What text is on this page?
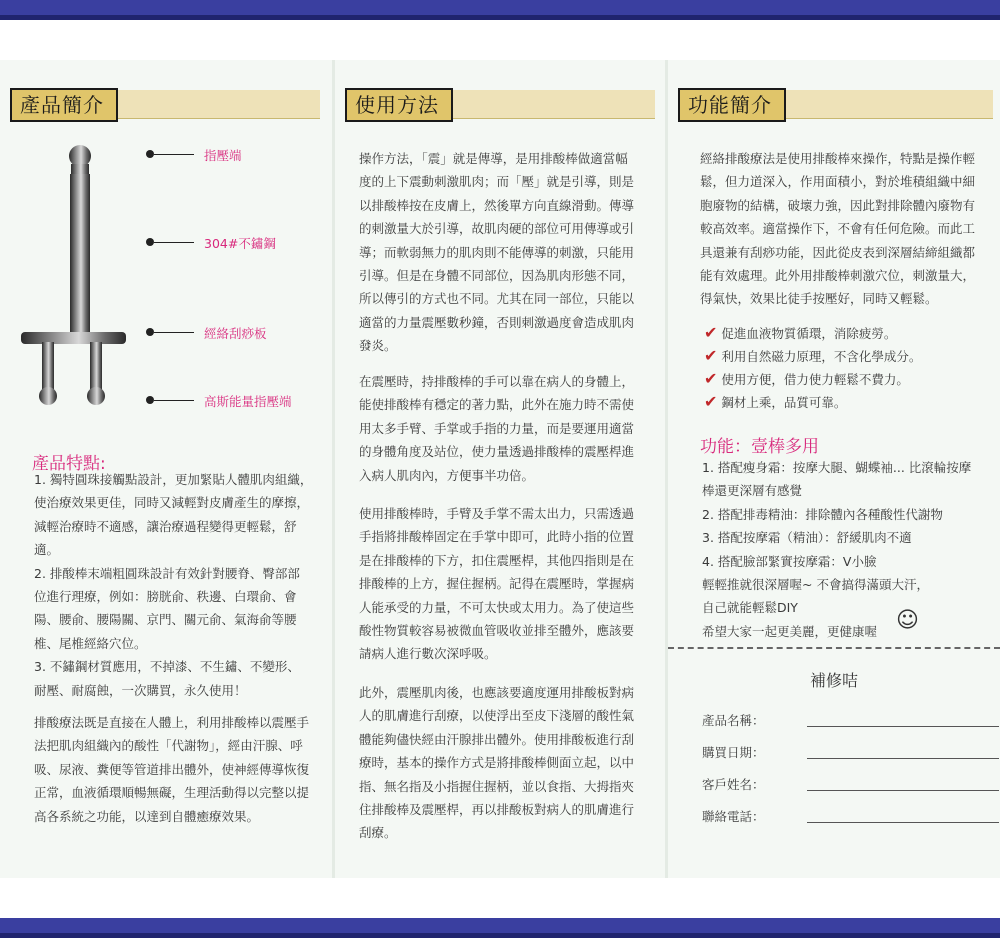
產品簡介
指壓端
304#不鏽鋼
經絡刮痧板
高斯能量指壓端
產品特點:
1. 獨特圓珠接觸點設計，更加緊貼人體肌肉組織，
使治療效果更佳，同時又減輕對皮膚產生的摩擦，
減輕治療時不適感，讓治療過程變得更輕鬆，舒
適。
2. 排酸棒末端粗圓珠設計有效針對腰脊、臀部部
位進行理療，例如：膀胱俞、秩邊、白環俞、會
陽、腰俞、腰陽關、京門、關元俞、氣海俞等腰
椎、尾椎經絡穴位。
3. 不鏽鋼材質應用，不掉漆、不生鏽、不變形、
耐壓、耐腐蝕，一次購買，永久使用！
排酸療法既是直接在人體上，利用排酸棒以震壓手
法把肌肉組織內的酸性「代謝物」，經由汗腺、呼
吸、尿液、糞便等管道排出體外，使神經傳導恢復
正常，血液循環順暢無礙，生理活動得以完整以提
高各系統之功能，以達到自體癒療效果。
使用方法
操作方法，「震」就是傳導，是用排酸棒做適當幅
度的上下震動刺激肌肉；而「壓」就是引導，則是
以排酸棒按在皮膚上，然後單方向直線滑動。傳導
的刺激量大於引導，故肌肉硬的部位可用傳導或引
導；而軟弱無力的肌肉則不能傳導的刺激，只能用
引導。但是在身體不同部位，因為肌肉形態不同，
所以傳引的方式也不同。尤其在同一部位，只能以
適當的力量震壓數秒鐘，否則刺激過度會造成肌肉
發炎。
在震壓時，持排酸棒的手可以靠在病人的身體上，
能使排酸棒有穩定的著力點，此外在施力時不需使
用太多手臂、手掌或手指的力量，而是要運用適當
的身體角度及站位，使力量透過排酸棒的震壓桿進
入病人肌肉內，方便事半功倍。
使用排酸棒時，手臂及手掌不需太出力，只需透過
手指將排酸棒固定在手掌中即可，此時小指的位置
是在排酸棒的下方，扣住震壓桿，其他四指則是在
排酸棒的上方，握住握柄。記得在震壓時，掌握病
人能承受的力量，不可太快或太用力。為了使這些
酸性物質較容易被微血管吸收並排至體外，應該要
請病人進行數次深呼吸。
此外，震壓肌肉後，也應該要適度運用排酸板對病
人的肌膚進行刮療，以使浮出至皮下淺層的酸性氣
體能夠儘快經由汗腺排出體外。使用排酸板進行刮
療時，基本的操作方式是將排酸棒側面立起，以中
指、無名指及小指握住握柄，並以食指、大拇指夾
住排酸棒及震壓桿，再以排酸板對病人的肌膚進行
刮療。
功能簡介
經絡排酸療法是使用排酸棒來操作，特點是操作輕
鬆，但力道深入，作用面積小，對於堆積組織中細
胞廢物的結構，破壞力強，因此對排除體內廢物有
較高效率。適當操作下，不會有任何危險。而此工
具還兼有刮痧功能，因此從皮表到深層結締組織都
能有效處理。此外用排酸棒刺激穴位，刺激量大，
得氣快，效果比徒手按壓好，同時又輕鬆。
✔ 促進血液物質循環，消除疲勞。
✔ 利用自然磁力原理，不含化學成分。
✔ 使用方便，借力使力輕鬆不費力。
✔ 鋼材上乘，品質可靠。
功能：壹棒多用
1. 搭配瘦身霜：按摩大腿、蝴蝶袖... 比滾輪按摩
棒還更深層有感覺
2. 搭配排毒精油：排除體內各種酸性代謝物
3. 搭配按摩霜（精油）：舒緩肌肉不適
4. 搭配臉部緊實按摩霜：V小臉
輕輕推就很深層喔~ 不會搞得滿頭大汗，
自己就能輕鬆DIY
希望大家一起更美麗，更健康喔 ☺
補修咭
產品名稱：
購買日期：
客戶姓名：
聯絡電話：
